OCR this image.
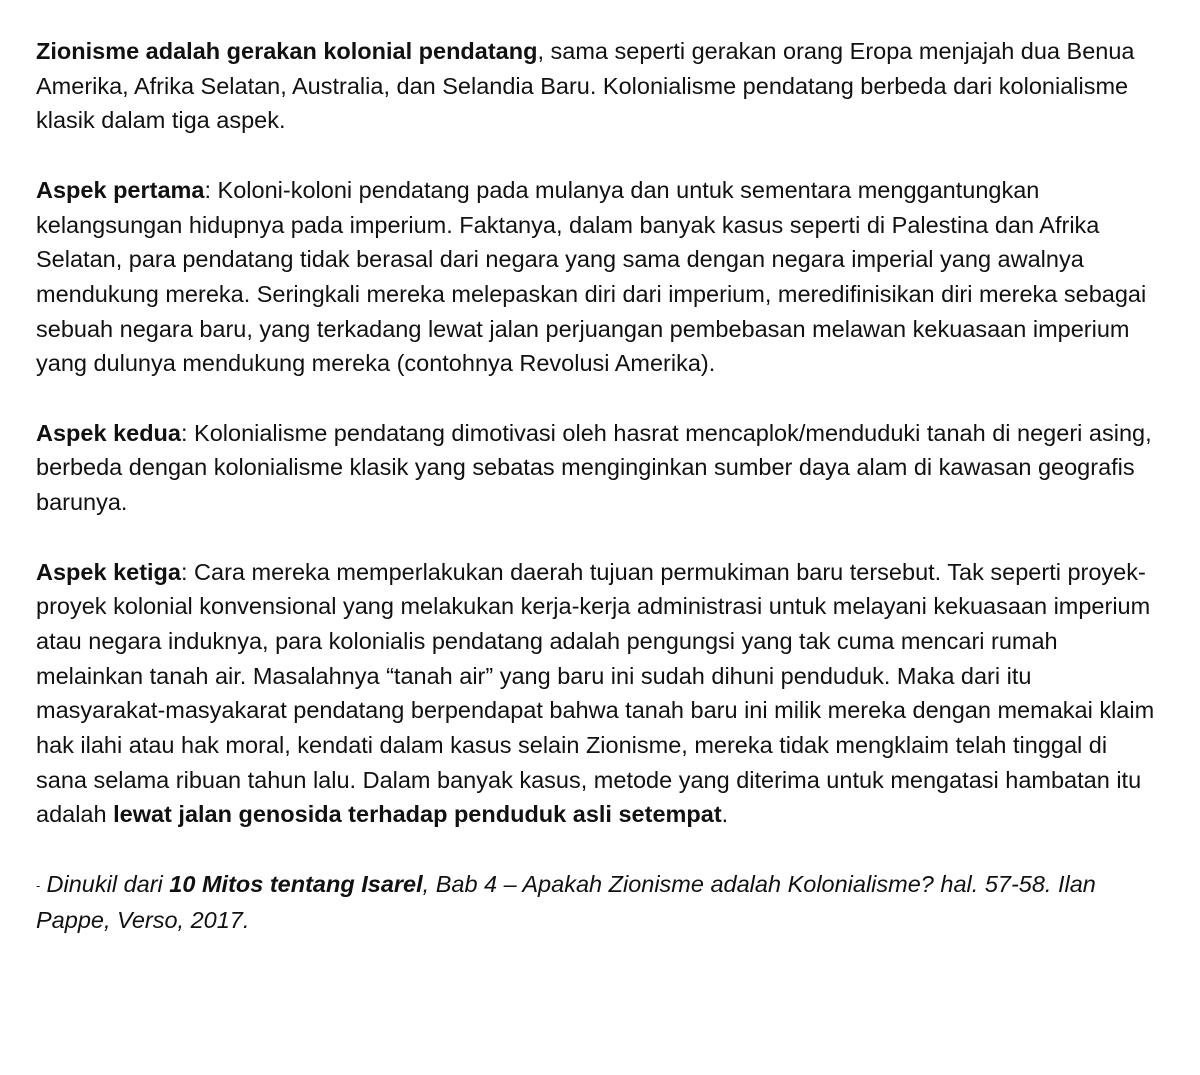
Zionisme adalah gerakan kolonial pendatang, sama seperti gerakan orang Eropa menjajah dua Benua Amerika, Afrika Selatan, Australia, dan Selandia Baru. Kolonialisme pendatang berbeda dari kolonialisme klasik dalam tiga aspek.

Aspek pertama: Koloni-koloni pendatang pada mulanya dan untuk sementara menggantungkan kelangsungan hidupnya pada imperium. Faktanya, dalam banyak kasus seperti di Palestina dan Afrika Selatan, para pendatang tidak berasal dari negara yang sama dengan negara imperial yang awalnya mendukung mereka. Seringkali mereka melepaskan diri dari imperium, meredifinisikan diri mereka sebagai sebuah negara baru, yang terkadang lewat jalan perjuangan pembebasan melawan kekuasaan imperium yang dulunya mendukung mereka (contohnya Revolusi Amerika).

Aspek kedua: Kolonialisme pendatang dimotivasi oleh hasrat mencaplok/menduduki tanah di negeri asing, berbeda dengan kolonialisme klasik yang sebatas menginginkan sumber daya alam di kawasan geografis barunya.

Aspek ketiga: Cara mereka memperlakukan daerah tujuan permukiman baru tersebut. Tak seperti proyek-proyek kolonial konvensional yang melakukan kerja-kerja administrasi untuk melayani kekuasaan imperium atau negara induknya, para kolonialis pendatang adalah pengungsi yang tak cuma mencari rumah melainkan tanah air. Masalahnya “tanah air” yang baru ini sudah dihuni penduduk. Maka dari itu masyarakat-masyakarat pendatang berpendapat bahwa tanah baru ini milik mereka dengan memakai klaim hak ilahi atau hak moral, kendati dalam kasus selain Zionisme, mereka tidak mengklaim telah tinggal di sana selama ribuan tahun lalu. Dalam banyak kasus, metode yang diterima untuk mengatasi hambatan itu adalah lewat jalan genosida terhadap penduduk asli setempat.

- Dinukil dari 10 Mitos tentang Isarel, Bab 4 – Apakah Zionisme adalah Kolonialisme? hal. 57-58. Ilan Pappe, Verso, 2017.
